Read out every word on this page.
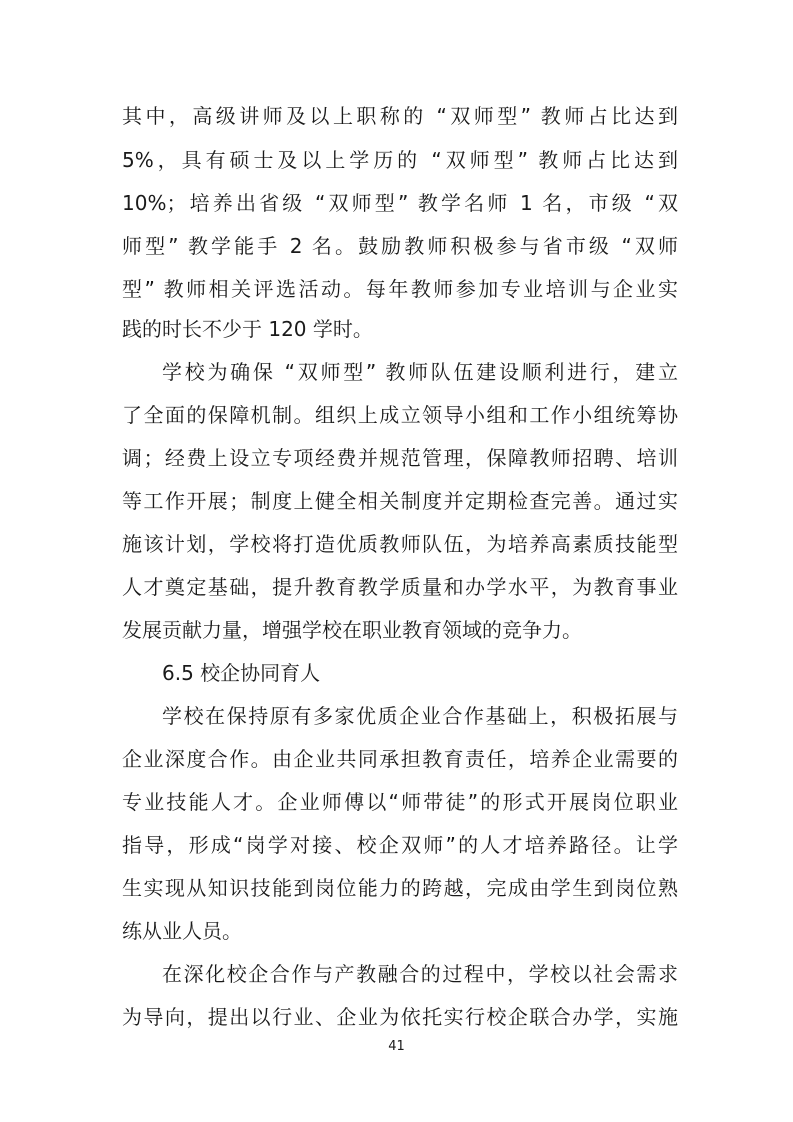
其中，高级讲师及以上职称的 “双师型” 教师占比达到
5%，具有硕士及以上学历的 “双师型” 教师占比达到
10%；培养出省级 “双师型” 教学名师 1 名，市级 “双
师型” 教学能手 2 名。鼓励教师积极参与省市级 “双师
型” 教师相关评选活动。每年教师参加专业培训与企业实
践的时长不少于 120 学时。
学校为确保 “双师型” 教师队伍建设顺利进行，建立
了全面的保障机制。组织上成立领导小组和工作小组统筹协
调；经费上设立专项经费并规范管理，保障教师招聘、培训
等工作开展；制度上健全相关制度并定期检查完善。通过实
施该计划，学校将打造优质教师队伍，为培养高素质技能型
人才奠定基础，提升教育教学质量和办学水平，为教育事业
发展贡献力量，增强学校在职业教育领域的竞争力。
6.5 校企协同育人
学校在保持原有多家优质企业合作基础上，积极拓展与
企业深度合作。由企业共同承担教育责任，培养企业需要的
专业技能人才。企业师傅以“师带徒”的形式开展岗位职业
指导，形成“岗学对接、校企双师”的人才培养路径。让学
生实现从知识技能到岗位能力的跨越，完成由学生到岗位熟
练从业人员。
在深化校企合作与产教融合的过程中，学校以社会需求
为导向，提出以行业、企业为依托实行校企联合办学，实施
41
